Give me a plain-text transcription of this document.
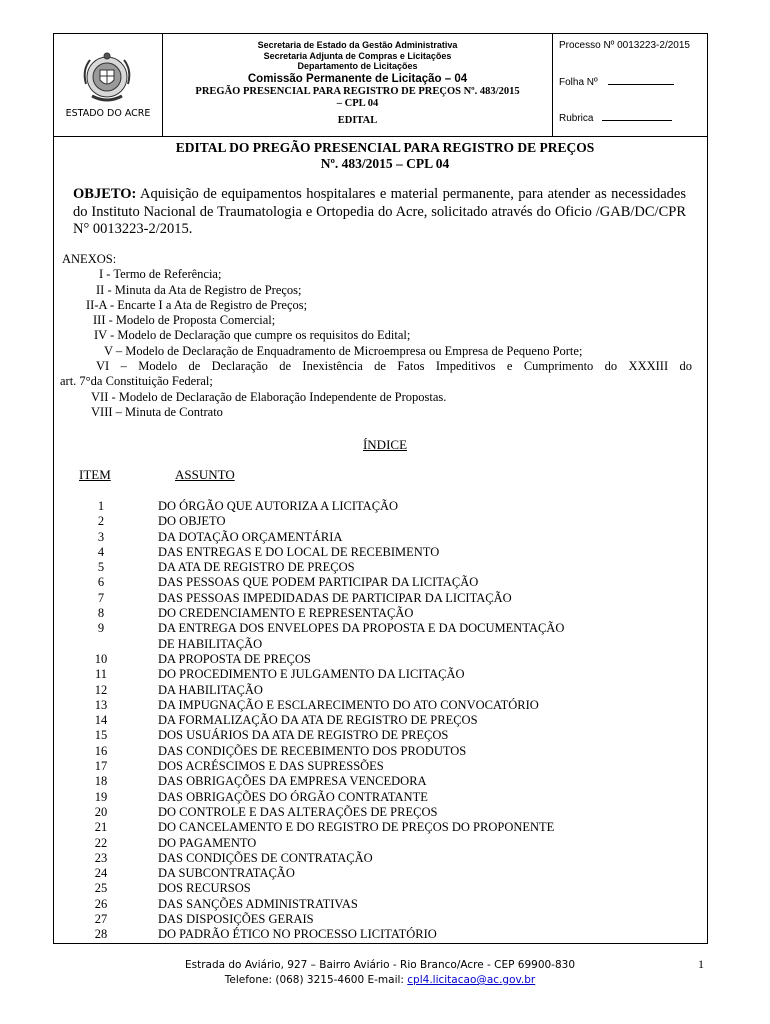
ESTADO DO ACRE
Secretaria de Estado da Gestão Administrativa
Secretaria Adjunta de Compras e Licitações
Departamento de Licitações
Comissão Permanente de Licitação – 04
PREGÃO PRESENCIAL PARA REGISTRO DE PREÇOS Nº. 483/2015
– CPL 04
EDITAL
Processo Nº 0013223-2/2015
Folha Nº
Rubrica
EDITAL DO PREGÃO PRESENCIAL PARA REGISTRO DE PREÇOS
Nº. 483/2015 – CPL 04
OBJETO: Aquisição de equipamentos hospitalares e material permanente, para atender as necessidades do Instituto Nacional de Traumatologia e Ortopedia do Acre, solicitado através do Oficio /GAB/DC/CPR N° 0013223-2/2015.
ANEXOS:
I - Termo de Referência;
II - Minuta da Ata de Registro de Preços;
II-A - Encarte I a Ata de Registro de Preços;
III - Modelo de Proposta Comercial;
IV - Modelo de Declaração que cumpre os requisitos do Edital;
V – Modelo de Declaração de Enquadramento de Microempresa ou Empresa de Pequeno Porte;
VI – Modelo de Declaração de Inexistência de Fatos Impeditivos e Cumprimento do XXXIII do
art. 7°da Constituição Federal;
VII - Modelo de Declaração de Elaboração Independente de Propostas.
VIII – Minuta de Contrato
ÍNDICE
ITEM	ASSUNTO
1	DO ÓRGÃO QUE AUTORIZA A LICITAÇÃO
2	DO OBJETO
3	DA DOTAÇÃO ORÇAMENTÁRIA
4	DAS ENTREGAS E DO LOCAL DE RECEBIMENTO
5	DA ATA DE REGISTRO DE PREÇOS
6	DAS PESSOAS QUE PODEM PARTICIPAR DA LICITAÇÃO
7	DAS PESSOAS IMPEDIDADAS DE PARTICIPAR DA LICITAÇÃO
8	DO CREDENCIAMENTO E REPRESENTAÇÃO
9	DA ENTREGA DOS ENVELOPES DA PROPOSTA E DA DOCUMENTAÇÃO
DE HABILITAÇÃO
10	DA PROPOSTA DE PREÇOS
11	DO PROCEDIMENTO E JULGAMENTO DA LICITAÇÃO
12	DA HABILITAÇÃO
13	DA IMPUGNAÇÃO E ESCLARECIMENTO DO ATO CONVOCATÓRIO
14	DA FORMALIZAÇÃO DA ATA DE REGISTRO DE PREÇOS
15	DOS USUÁRIOS DA ATA DE REGISTRO DE PREÇOS
16	DAS CONDIÇÕES DE RECEBIMENTO DOS PRODUTOS
17	DOS ACRÉSCIMOS E DAS SUPRESSÕES
18	DAS OBRIGAÇÕES DA EMPRESA VENCEDORA
19	DAS OBRIGAÇÕES DO ÓRGÃO CONTRATANTE
20	DO CONTROLE E DAS ALTERAÇÕES DE PREÇOS
21	DO CANCELAMENTO E DO REGISTRO DE PREÇOS DO PROPONENTE
22	DO PAGAMENTO
23	DAS CONDIÇÕES DE CONTRATAÇÃO
24	DA SUBCONTRATAÇÃO
25	DOS RECURSOS
26	DAS SANÇÕES ADMINISTRATIVAS
27	DAS DISPOSIÇÕES GERAIS
28	DO PADRÃO ÉTICO NO PROCESSO LICITATÓRIO
Estrada do Aviário, 927 – Bairro Aviário - Rio Branco/Acre - CEP 69900-830
Telefone: (068) 3215-4600 E-mail: cpl4.licitacao@ac.gov.br
1
